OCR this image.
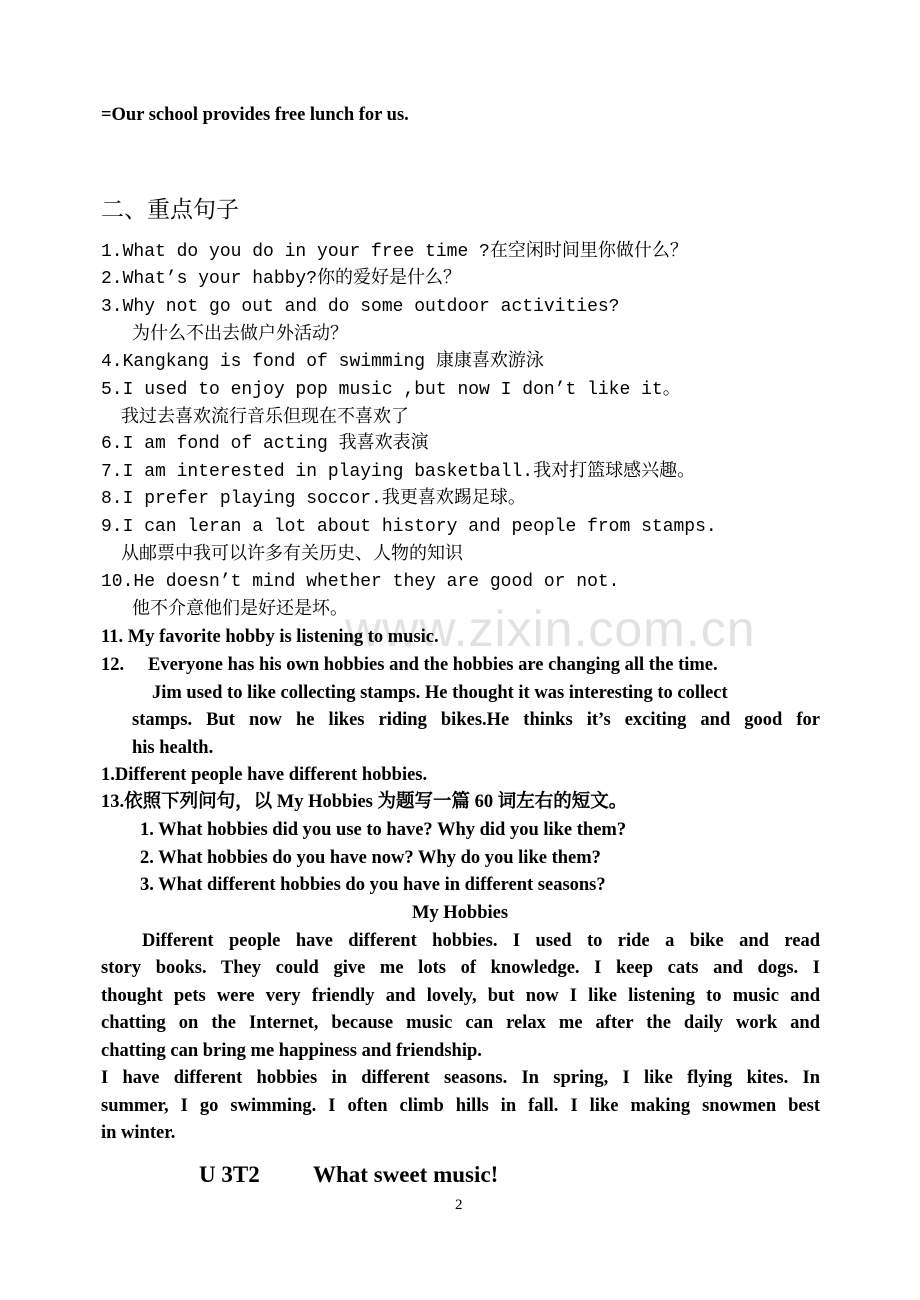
www.zixin.com.cn
=Our school provides free lunch for us.
二、重点句子
1.What do you do in your free time ?在空闲时间里你做什么？
2.What’s your habby?你的爱好是什么？
3.Why not go out and do some outdoor activities?
为什么不出去做户外活动？
4.Kangkang is fond of swimming 康康喜欢游泳
5.I used to enjoy pop music ,but now I don’t like it。
我过去喜欢流行音乐但现在不喜欢了
6.I am fond of acting 我喜欢表演
7.I am interested in playing basketball.我对打篮球感兴趣。
8.I prefer playing soccor.我更喜欢踢足球。
9.I can leran a lot about history and people from stamps.
从邮票中我可以许多有关历史、人物的知识
10.He doesn’t mind whether they are good or not.
他不介意他们是好还是坏。
11. My favorite hobby is listening to music.
12. Everyone has his own hobbies and the hobbies are changing all the time.
Jim used to like collecting stamps. He thought it was interesting to collect
stamps. But now he likes riding bikes.He thinks it’s exciting and good for
his health.
1.Different people have different hobbies.
13.依照下列问句，以 My Hobbies 为题写一篇 60 词左右的短文。
1. What hobbies did you use to have? Why did you like them?
2. What hobbies do you have now? Why do you like them?
3. What different hobbies do you have in different seasons?
My Hobbies
Different people have different hobbies. I used to ride a bike and read
story books. They could give me lots of knowledge. I keep cats and dogs. I
thought pets were very friendly and lovely, but now I like listening to music and
chatting on the Internet, because music can relax me after the daily work and
chatting can bring me happiness and friendship.
I have different hobbies in different seasons. In spring, I like flying kites. In
summer, I go swimming. I often climb hills in fall. I like making snowmen best
in winter.
U 3T2 What sweet music!
2
